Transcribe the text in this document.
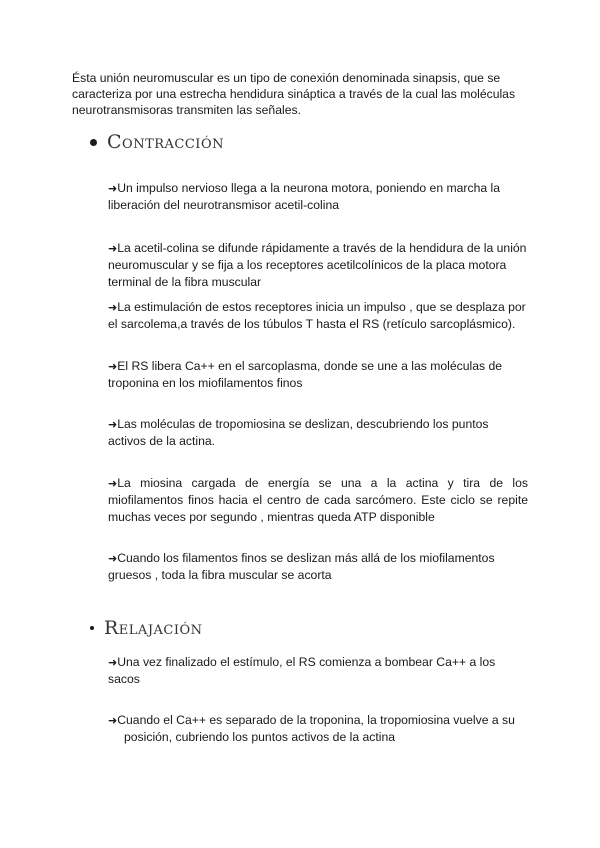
Ésta unión neuromuscular es un tipo de conexión denominada sinapsis, que se caracteriza por una estrecha hendidura sináptica a través de la cual las moléculas neurotransmisoras transmiten las señales.
Contracción
➜Un impulso nervioso llega a la neurona motora, poniendo en marcha la liberación del neurotransmisor acetil-colina
➜La acetil-colina se difunde rápidamente a través de la hendidura de la unión neuromuscular y se fija a los receptores acetilcolínicos de la placa motora terminal de la fibra muscular
➜La estimulación de estos receptores inicia un impulso , que se desplaza por el sarcolema,a través de los túbulos T hasta el RS (retículo sarcoplásmico).
➜El RS libera Ca++ en el sarcoplasma, donde se une a las moléculas de troponina en los miofilamentos finos
➜Las moléculas de tropomiosina se deslizan, descubriendo los puntos activos de la actina.
➜La miosina cargada de energía se una a la actina y tira de los miofilamentos finos hacia el centro de cada sarcómero. Este ciclo se repite muchas veces por segundo , mientras queda ATP disponible
➜Cuando los filamentos finos se deslizan más allá de los miofilamentos gruesos , toda la fibra muscular se acorta
Relajación
➜Una vez finalizado el estímulo, el RS comienza a bombear Ca++ a los sacos
➜Cuando el Ca++ es separado de la troponina, la tropomiosina vuelve a su
posición, cubriendo los puntos activos de la actina
